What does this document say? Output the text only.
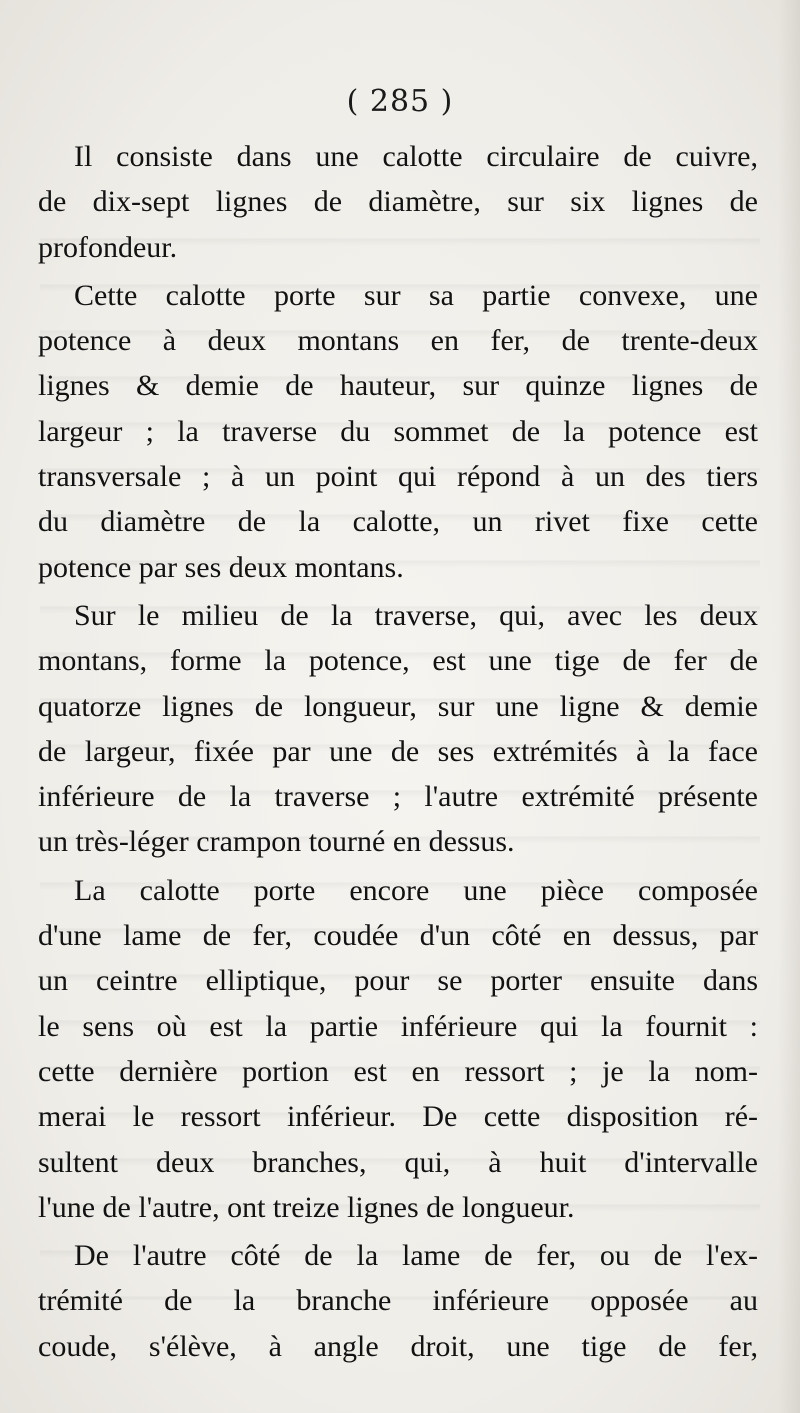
( 285 )

Il consiste dans une calotte circulaire de cuivre,
de dix-sept lignes de diamètre, sur six lignes de
profondeur.

Cette calotte porte sur sa partie convexe, une
potence à deux montans en fer, de trente-deux
lignes & demie de hauteur, sur quinze lignes de
largeur ; la traverse du sommet de la potence est
transversale ; à un point qui répond à un des tiers
du diamètre de la calotte, un rivet fixe cette
potence par ses deux montans.

Sur le milieu de la traverse, qui, avec les deux
montans, forme la potence, est une tige de fer de
quatorze lignes de longueur, sur une ligne & demie
de largeur, fixée par une de ses extrémités à la face
inférieure de la traverse ; l'autre extrémité présente
un très-léger crampon tourné en dessus.

La calotte porte encore une pièce composée
d'une lame de fer, coudée d'un côté en dessus, par
un ceintre elliptique, pour se porter ensuite dans
le sens où est la partie inférieure qui la fournit :
cette dernière portion est en ressort ; je la nom-
merai le ressort inférieur. De cette disposition ré-
sultent deux branches, qui, à huit d'intervalle
l'une de l'autre, ont treize lignes de longueur.

De l'autre côté de la lame de fer, ou de l'ex-
trémité de la branche inférieure opposée au
coude, s'élève, à angle droit, une tige de fer,
